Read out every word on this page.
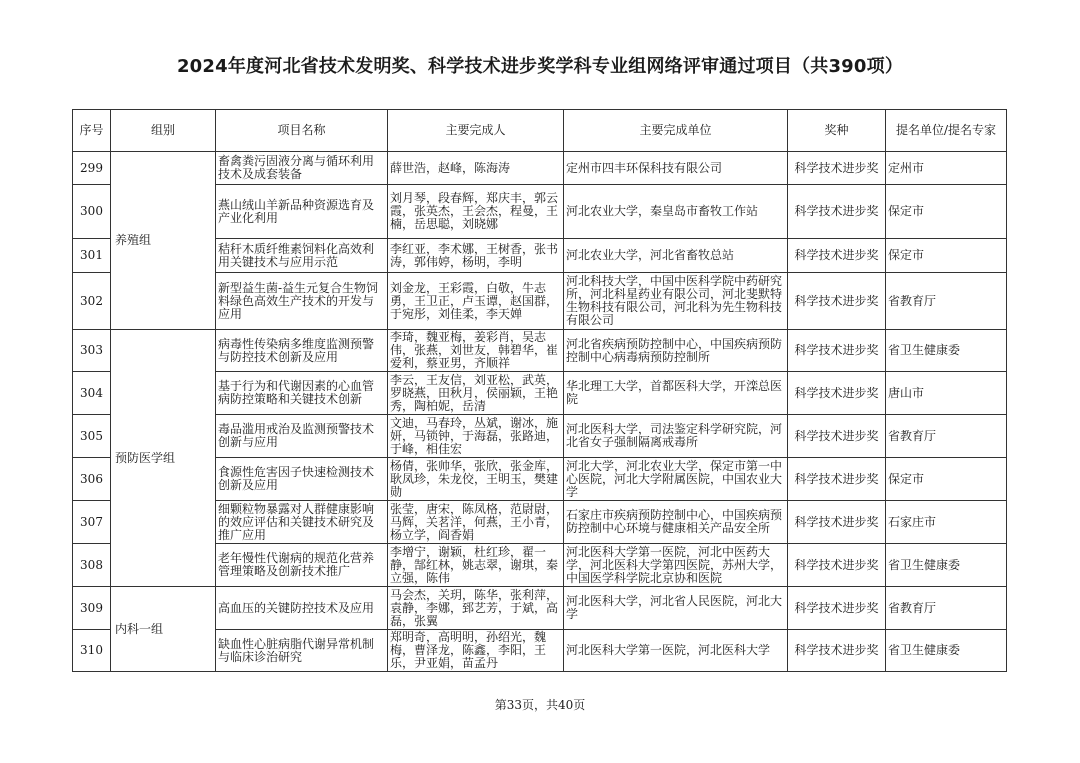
2024年度河北省技术发明奖、科学技术进步奖学科专业组网络评审通过项目（共390项）
序号	组别	项目名称	主要完成人	主要完成单位	奖种	提名单位/提名专家
299	养殖组	畜禽粪污固液分离与循环利用技术及成套装备	薛世浩，赵峰，陈海涛	定州市四丰环保科技有限公司	科学技术进步奖	定州市
300		燕山绒山羊新品种资源选育及产业化利用	刘月琴，段春辉，郑庆丰，郭云霞，张英杰，王会杰，程曼，王楠，岳思聪，刘晓娜	河北农业大学，秦皇岛市畜牧工作站	科学技术进步奖	保定市
301		秸秆木质纤维素饲料化高效利用关键技术与应用示范	李红亚，李术娜，王树香，张书涛，郭伟婷，杨明，李明	河北农业大学，河北省畜牧总站	科学技术进步奖	保定市
302		新型益生菌-益生元复合生物饲料绿色高效生产技术的开发与应用	刘金龙，王彩霞，白敬，牛志勇，王卫正，卢玉谭，赵国群，于宛彤，刘佳柔，李天婵	河北科技大学，中国中医科学院中药研究所，河北科星药业有限公司，河北斐默特生物科技有限公司，河北科为先生物科技有限公司	科学技术进步奖	省教育厅
303	预防医学组	病毒性传染病多维度监测预警与防控技术创新及应用	李琦，魏亚梅，姜彩肖，吴志伟，张燕，刘世友，韩碧华，崔爱利，蔡亚男，齐顺祥	河北省疾病预防控制中心，中国疾病预防控制中心病毒病预防控制所	科学技术进步奖	省卫生健康委
304		基于行为和代谢因素的心血管病防控策略和关键技术创新	李云，王友信，刘亚松，武英，罗晓燕，田秋月，侯丽颖，王艳秀，陶柏妮，岳清	华北理工大学，首都医科大学，开滦总医院	科学技术进步奖	唐山市
305		毒品滥用戒治及监测预警技术创新与应用	文迪，马春玲，丛斌，谢冰，施妍，马锁钟，于海磊，张路迪，于峰，相佳宏	河北医科大学，司法鉴定科学研究院，河北省女子强制隔离戒毒所	科学技术进步奖	省教育厅
306		食源性危害因子快速检测技术创新及应用	杨倩，张帅华，张欣，张金库，耿凤珍，朱龙佼，王明玉，樊建勋	河北大学，河北农业大学，保定市第一中心医院，河北大学附属医院，中国农业大学	科学技术进步奖	保定市
307		细颗粒物暴露对人群健康影响的效应评估和关键技术研究及推广应用	张莹，唐宋，陈凤格，范尉尉，马辉，关茗洋，何燕，王小青，杨立学，阎香娟	石家庄市疾病预防控制中心，中国疾病预防控制中心环境与健康相关产品安全所	科学技术进步奖	石家庄市
308		老年慢性代谢病的规范化营养管理策略及创新技术推广	李增宁，谢颖，杜红珍，翟一静，郜红林，姚志翠，谢琪，秦立强，陈伟	河北医科大学第一医院，河北中医药大学，河北医科大学第四医院，苏州大学，中国医学科学院北京协和医院	科学技术进步奖	省卫生健康委
309	内科一组	高血压的关键防控技术及应用	马会杰，关玥，陈华，张利萍，袁静，李娜，郅艺芳，于斌，高磊，张翼	河北医科大学，河北省人民医院，河北大学	科学技术进步奖	省教育厅
310		缺血性心脏病脂代谢异常机制与临床诊治研究	郑明奇，高明明，孙绍光，魏梅，曹泽龙，陈鑫，李阳，王乐，尹亚娟，苗孟丹	河北医科大学第一医院，河北医科大学	科学技术进步奖	省卫生健康委
第33页，共40页
